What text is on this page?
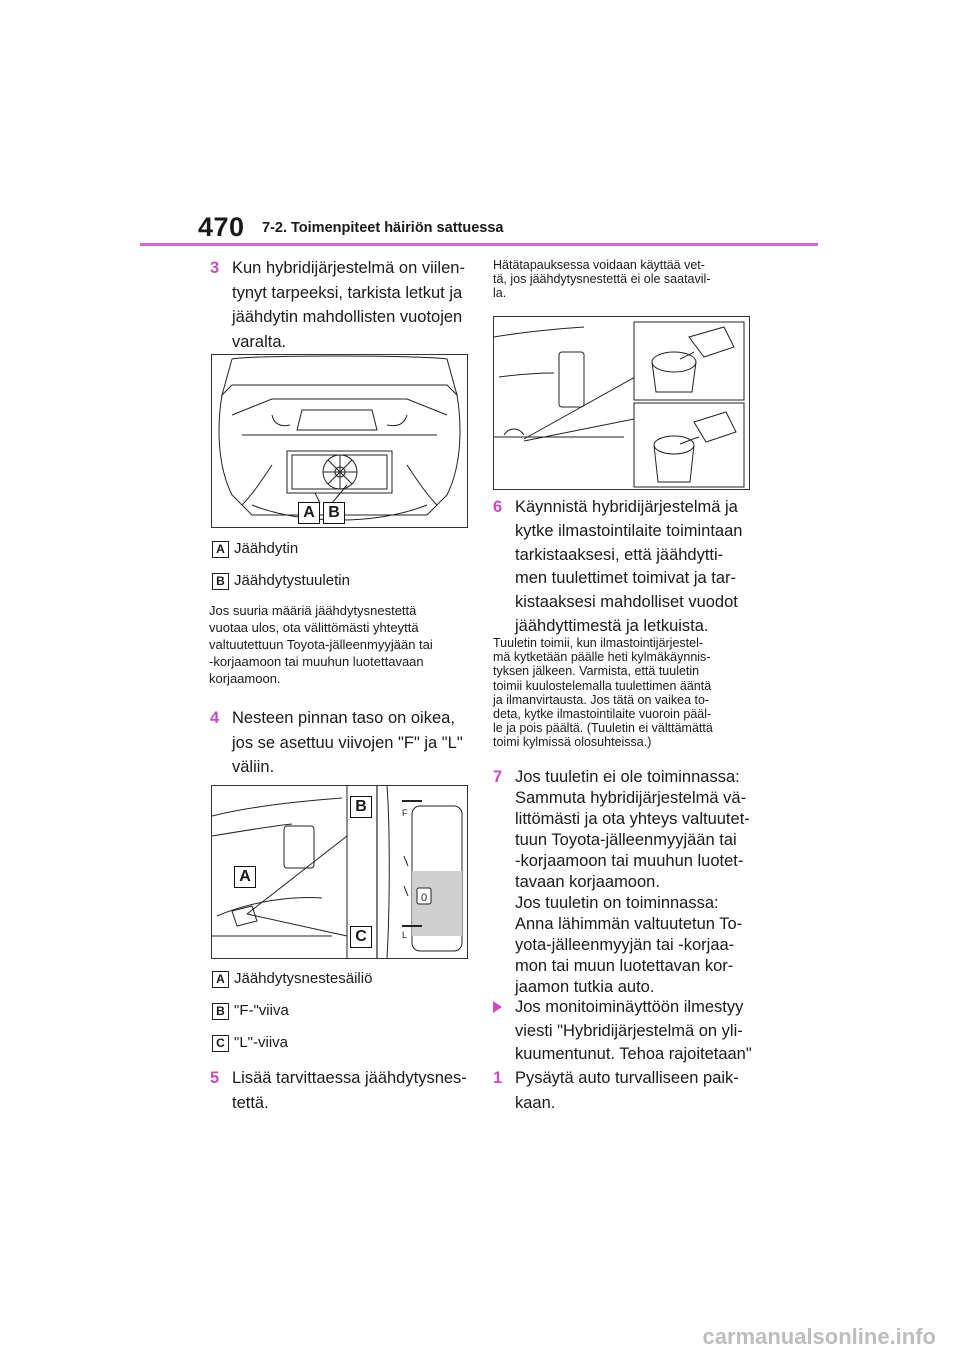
470 7-2. Toimenpiteet häiriön sattuessa
3 Kun hybridijärjestelmä on viilen-
tynyt tarpeeksi, tarkista letkut ja
jäähdytin mahdollisten vuotojen
varalta.
A B
A Jäähdytin
B Jäähdytystuuletin
Jos suuria määriä jäähdytysnestettä
vuotaa ulos, ota välittömästi yhteyttä
valtuutettuun Toyota-jälleenmyyjään tai
-korjaamoon tai muuhun luotettavaan
korjaamoon.
4 Nesteen pinnan taso on oikea,
jos se asettuu viivojen "F" ja "L"
väliin.
0
F
L
A
B
C
A Jäähdytysnestesäiliö
B "F-"viiva
C "L"-viiva
5 Lisää tarvittaessa jäähdytysnes-
tettä.
Hätätapauksessa voidaan käyttää vet-
tä, jos jäähdytysnestettä ei ole saatavil-
la.
6 Käynnistä hybridijärjestelmä ja
kytke ilmastointilaite toimintaan
tarkistaaksesi, että jäähdytti-
men tuulettimet toimivat ja tar-
kistaaksesi mahdolliset vuodot
jäähdyttimestä ja letkuista.
Tuuletin toimii, kun ilmastointijärjestel-
mä kytketään päälle heti kylmäkäynnis-
tyksen jälkeen. Varmista, että tuuletin
toimii kuulostelemalla tuulettimen ääntä
ja ilmanvirtausta. Jos tätä on vaikea to-
deta, kytke ilmastointilaite vuoroin pääl-
le ja pois päältä. (Tuuletin ei välttämättä
toimi kylmissä olosuhteissa.)
7 Jos tuuletin ei ole toiminnassa:
Sammuta hybridijärjestelmä vä-
littömästi ja ota yhteys valtuutet-
tuun Toyota-jälleenmyyjään tai
-korjaamoon tai muuhun luotet-
tavaan korjaamoon.
Jos tuuletin on toiminnassa:
Anna lähimmän valtuutetun To-
yota-jälleenmyyjän tai -korjaa-
mon tai muun luotettavan kor-
jaamon tutkia auto.
Jos monitoiminäyttöön ilmestyy
viesti "Hybridijärjestelmä on yli-
kuumentunut. Tehoa rajoitetaan"
1 Pysäytä auto turvalliseen paik-
kaan.
carmanualsonline.info
